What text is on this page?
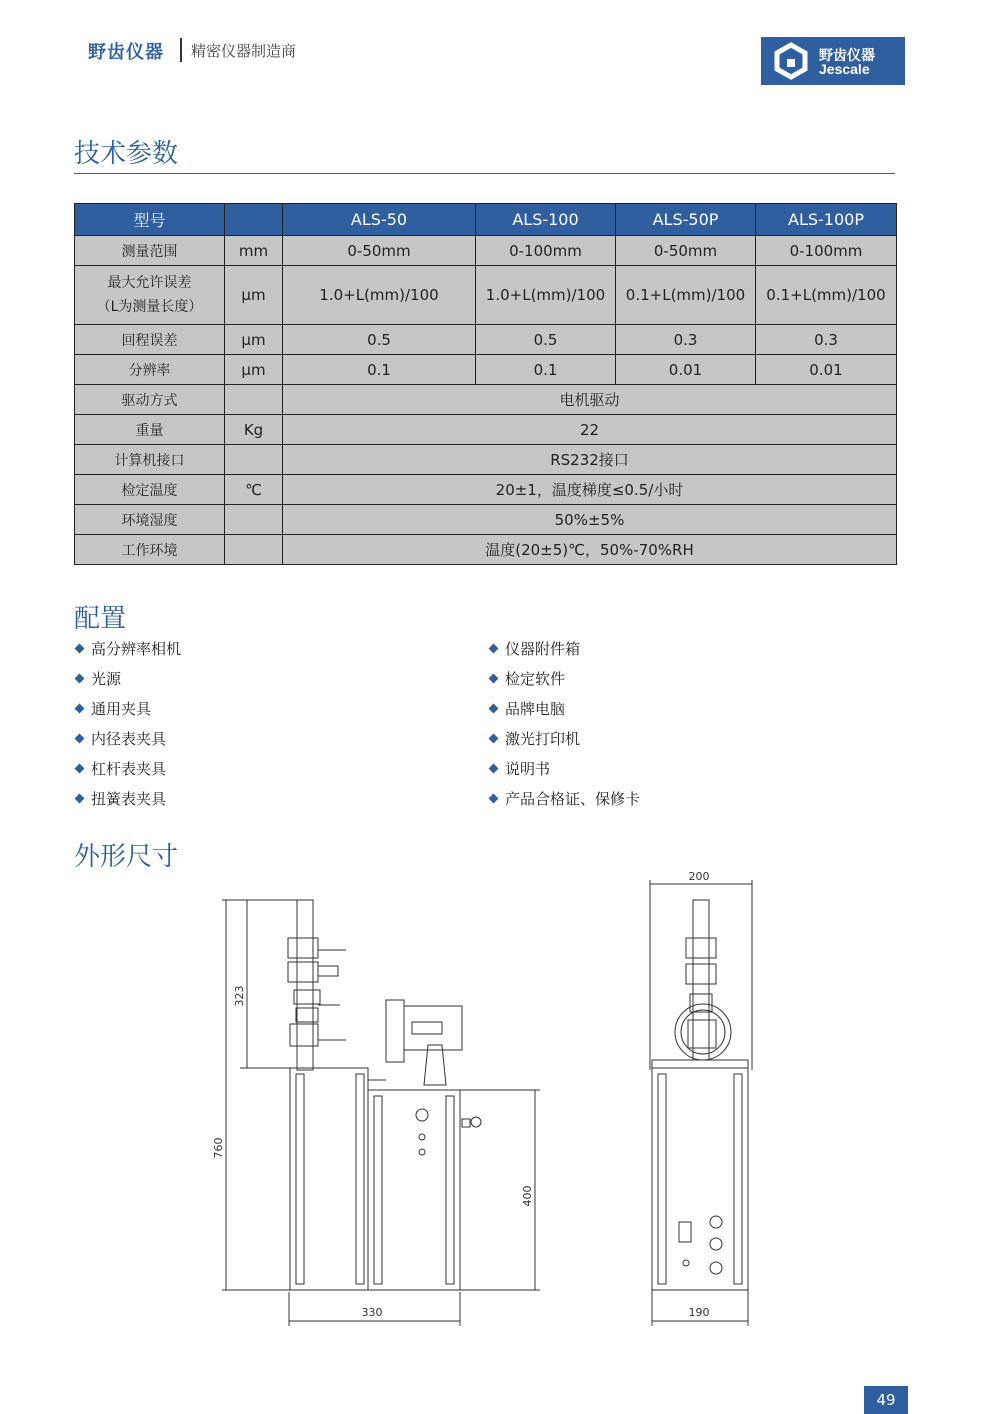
野齿仪器 精密仪器制造商	野齿仪器
Jescale
技术参数
型号		ALS-50	ALS-100	ALS-50P	ALS-100P
测量范围	mm	0-50mm	0-100mm	0-50mm	0-100mm

最大允许误差
（L为测量长度）	μm	1.0+L(mm)/100	1.0+L(mm)/100	0.1+L(mm)/100	0.1+L(mm)/100
回程误差	μm	0.5	0.5	0.3	0.3
分辨率	μm	0.1	0.1	0.01	0.01
驱动方式		电机驱动			
重量	Kg	22			
计算机接口		RS232接口			
检定温度	℃	20±1，温度梯度≤0.5/小时			
环境湿度		50%±5%			
工作环境		温度(20±5)℃，50%-70%RH			
配置
高分辨率相机
光源
通用夹具
内径表夹具
杠杆表夹具
扭簧表夹具
仪器附件箱
检定软件
品牌电脑
激光打印机
说明书
产品合格证、保修卡
外形尺寸
323
760
400
330
200
190
49
